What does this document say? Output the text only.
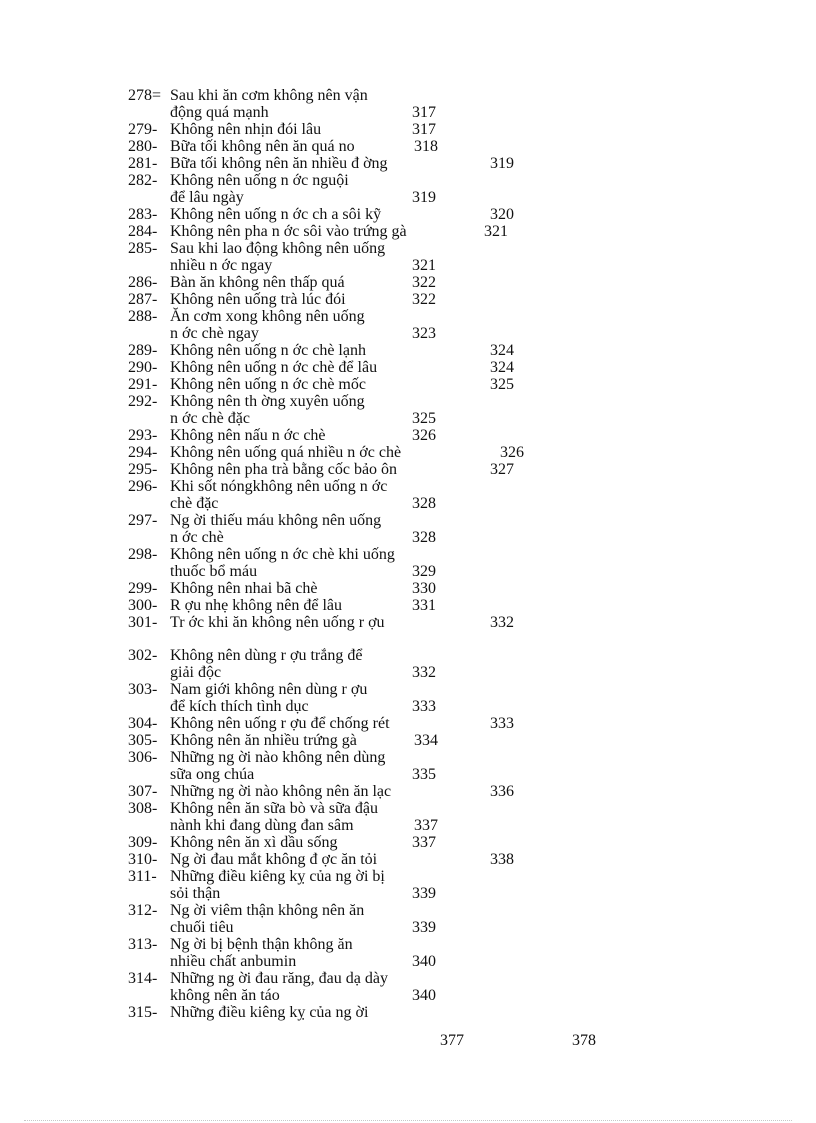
278= Sau khi ăn cơm không nên vận
động quá mạnh	317
279- Không nên nhịn đói lâu	317
280- Bữa tối không nên ăn quá no	318
281- Bữa tối không nên ăn nhiều đ ờng	319
282- Không nên uống n ớc nguội
để lâu ngày	319
283- Không nên uống n ớc ch a sôi kỹ	320
284- Không nên pha n ớc sôi vào trứng gà	321
285- Sau khi lao động không nên uống
nhiều n ớc ngay	321
286- Bàn ăn không nên thấp quá	322
287- Không nên uống trà lúc đói	322
288- Ăn cơm xong không nên uống
n ớc chè ngay	323
289- Không nên uống n ớc chè lạnh	324
290- Không nên uống n ớc chè để lâu	324
291- Không nên uống n ớc chè mốc	325
292- Không nên th ờng xuyên uống
n ớc chè đặc	325
293- Không nên nấu n ớc chè	326
294- Không nên uống quá nhiều n ớc chè	326
295- Không nên pha trà bằng cốc bảo ôn	327
296- Khi sốt nóngkhông nên uống n ớc
chè đặc	328
297- Ng ời thiếu máu không nên uống
n ớc chè	328
298- Không nên uống n ớc chè khi uống
thuốc bổ máu	329
299- Không nên nhai bã chè	330
300- R ợu nhẹ không nên để lâu	331
301- Tr ớc khi ăn không nên uống r ợu	332
302- Không nên dùng r ợu trắng để
giải độc	332
303- Nam giới không nên dùng r ợu
để kích thích tình dục	333
304- Không nên uống r ợu để chống rét	333
305- Không nên ăn nhiều trứng gà	334
306- Những ng ời nào không nên dùng
sữa ong chúa	335
307- Những ng ời nào không nên ăn lạc	336
308- Không nên ăn sữa bò và sữa đậu
nành khi đang dùng đan sâm	337
309- Không nên ăn xì dầu sống	337
310- Ng ời đau mắt không đ ợc ăn tỏi	338
311- Những điều kiêng kỵ của ng ời bị
sỏi thận	339
312- Ng ời viêm thận không nên ăn
chuối tiêu	339
313- Ng ời bị bệnh thận không ăn
nhiều chất anbumin	340
314- Những ng ời đau răng, đau dạ dày
không nên ăn táo	340
315- Những điều kiêng kỵ của ng ời
377	378
